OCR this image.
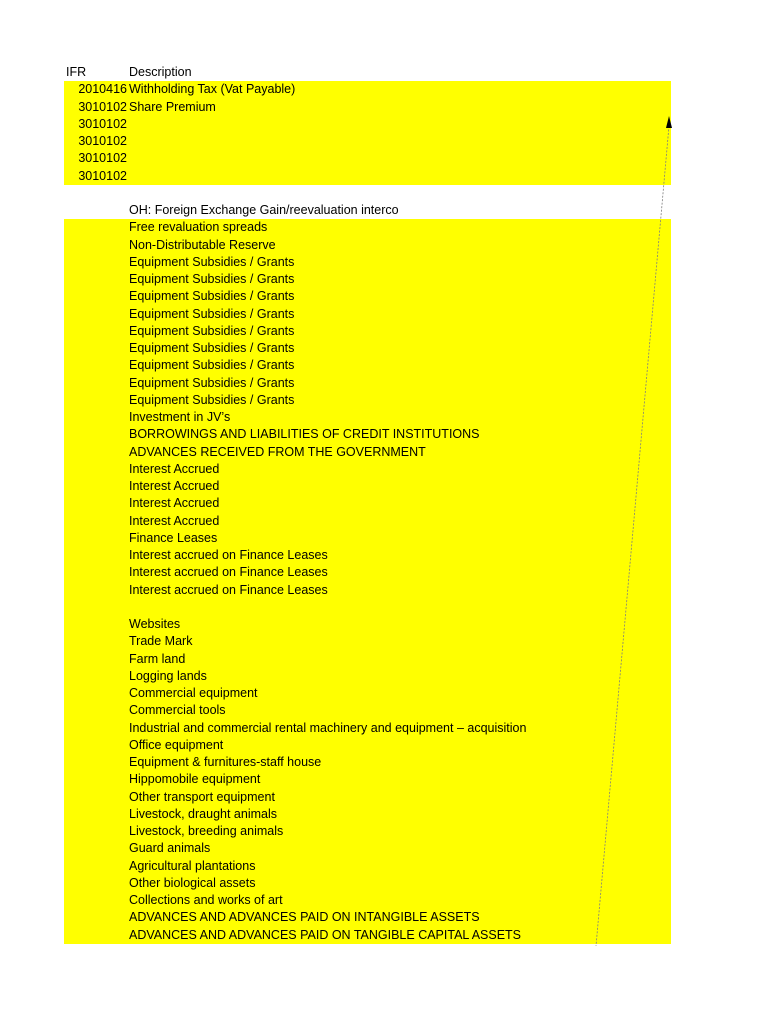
IFR	Description
2010416 Withholding Tax (Vat Payable)
3010102 Share Premium
3010102
3010102
3010102
3010102
OH: Foreign Exchange Gain/reevaluation interco
Free revaluation spreads
Non-Distributable Reserve
Equipment Subsidies / Grants
Equipment Subsidies / Grants
Equipment Subsidies / Grants
Equipment Subsidies / Grants
Equipment Subsidies / Grants
Equipment Subsidies / Grants
Equipment Subsidies / Grants
Equipment Subsidies / Grants
Equipment Subsidies / Grants
Investment in JV’s
BORROWINGS AND LIABILITIES OF CREDIT INSTITUTIONS
ADVANCES RECEIVED FROM THE GOVERNMENT
Interest Accrued
Interest Accrued
Interest Accrued
Interest Accrued
Finance Leases
Interest accrued on Finance Leases
Interest accrued on Finance Leases
Interest accrued on Finance Leases
Websites
Trade Mark
Farm land
Logging lands
Commercial equipment
Commercial tools
Industrial and commercial rental machinery and equipment – acquisition
Office equipment
Equipment & furnitures-staff house
Hippomobile equipment
Other transport equipment
Livestock, draught animals
Livestock, breeding animals
Guard animals
Agricultural plantations
Other biological assets
Collections and works of art
ADVANCES AND ADVANCES PAID ON INTANGIBLE ASSETS
ADVANCES AND ADVANCES PAID ON TANGIBLE CAPITAL ASSETS
